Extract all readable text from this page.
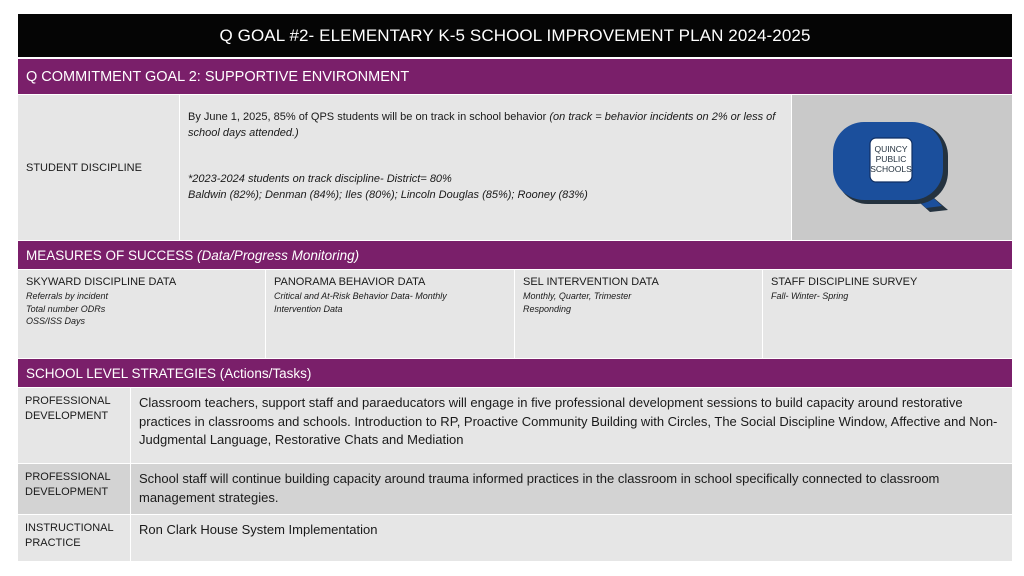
Q GOAL #2- ELEMENTARY K-5 SCHOOL IMPROVEMENT PLAN 2024-2025
Q COMMITMENT GOAL 2: SUPPORTIVE ENVIRONMENT
STUDENT DISCIPLINE
By June 1, 2025, 85% of QPS students will be on track in school behavior (on track = behavior incidents on 2% or less of school days attended.)
*2023-2024 students on track discipline- District= 80%
Baldwin (82%); Denman (84%); Iles (80%); Lincoln Douglas (85%); Rooney (83%)
QUINCY
PUBLIC
SCHOOLS
MEASURES OF SUCCESS
(Data/Progress Monitoring)
SKYWARD DISCIPLINE DATA
Referrals by incident
Total number ODRs
OSS/ISS Days
PANORAMA BEHAVIOR DATA
Critical and At-Risk Behavior Data- Monthly
Intervention Data
SEL INTERVENTION DATA
Monthly, Quarter, Trimester
Responding
STAFF DISCIPLINE SURVEY
Fall- Winter- Spring
SCHOOL LEVEL STRATEGIES (Actions/Tasks)
PROFESSIONAL DEVELOPMENT
Classroom teachers, support staff and paraeducators will engage in five professional development sessions to build capacity around restorative practices in classrooms and schools. Introduction to RP, Proactive Community Building with Circles, The Social Discipline Window, Affective and Non-Judgmental Language, Restorative Chats and Mediation
PROFESSIONAL DEVELOPMENT
School staff will continue building capacity around trauma informed practices in the classroom in school specifically connected to classroom management strategies.
INSTRUCTIONAL PRACTICE
Ron Clark House System Implementation
